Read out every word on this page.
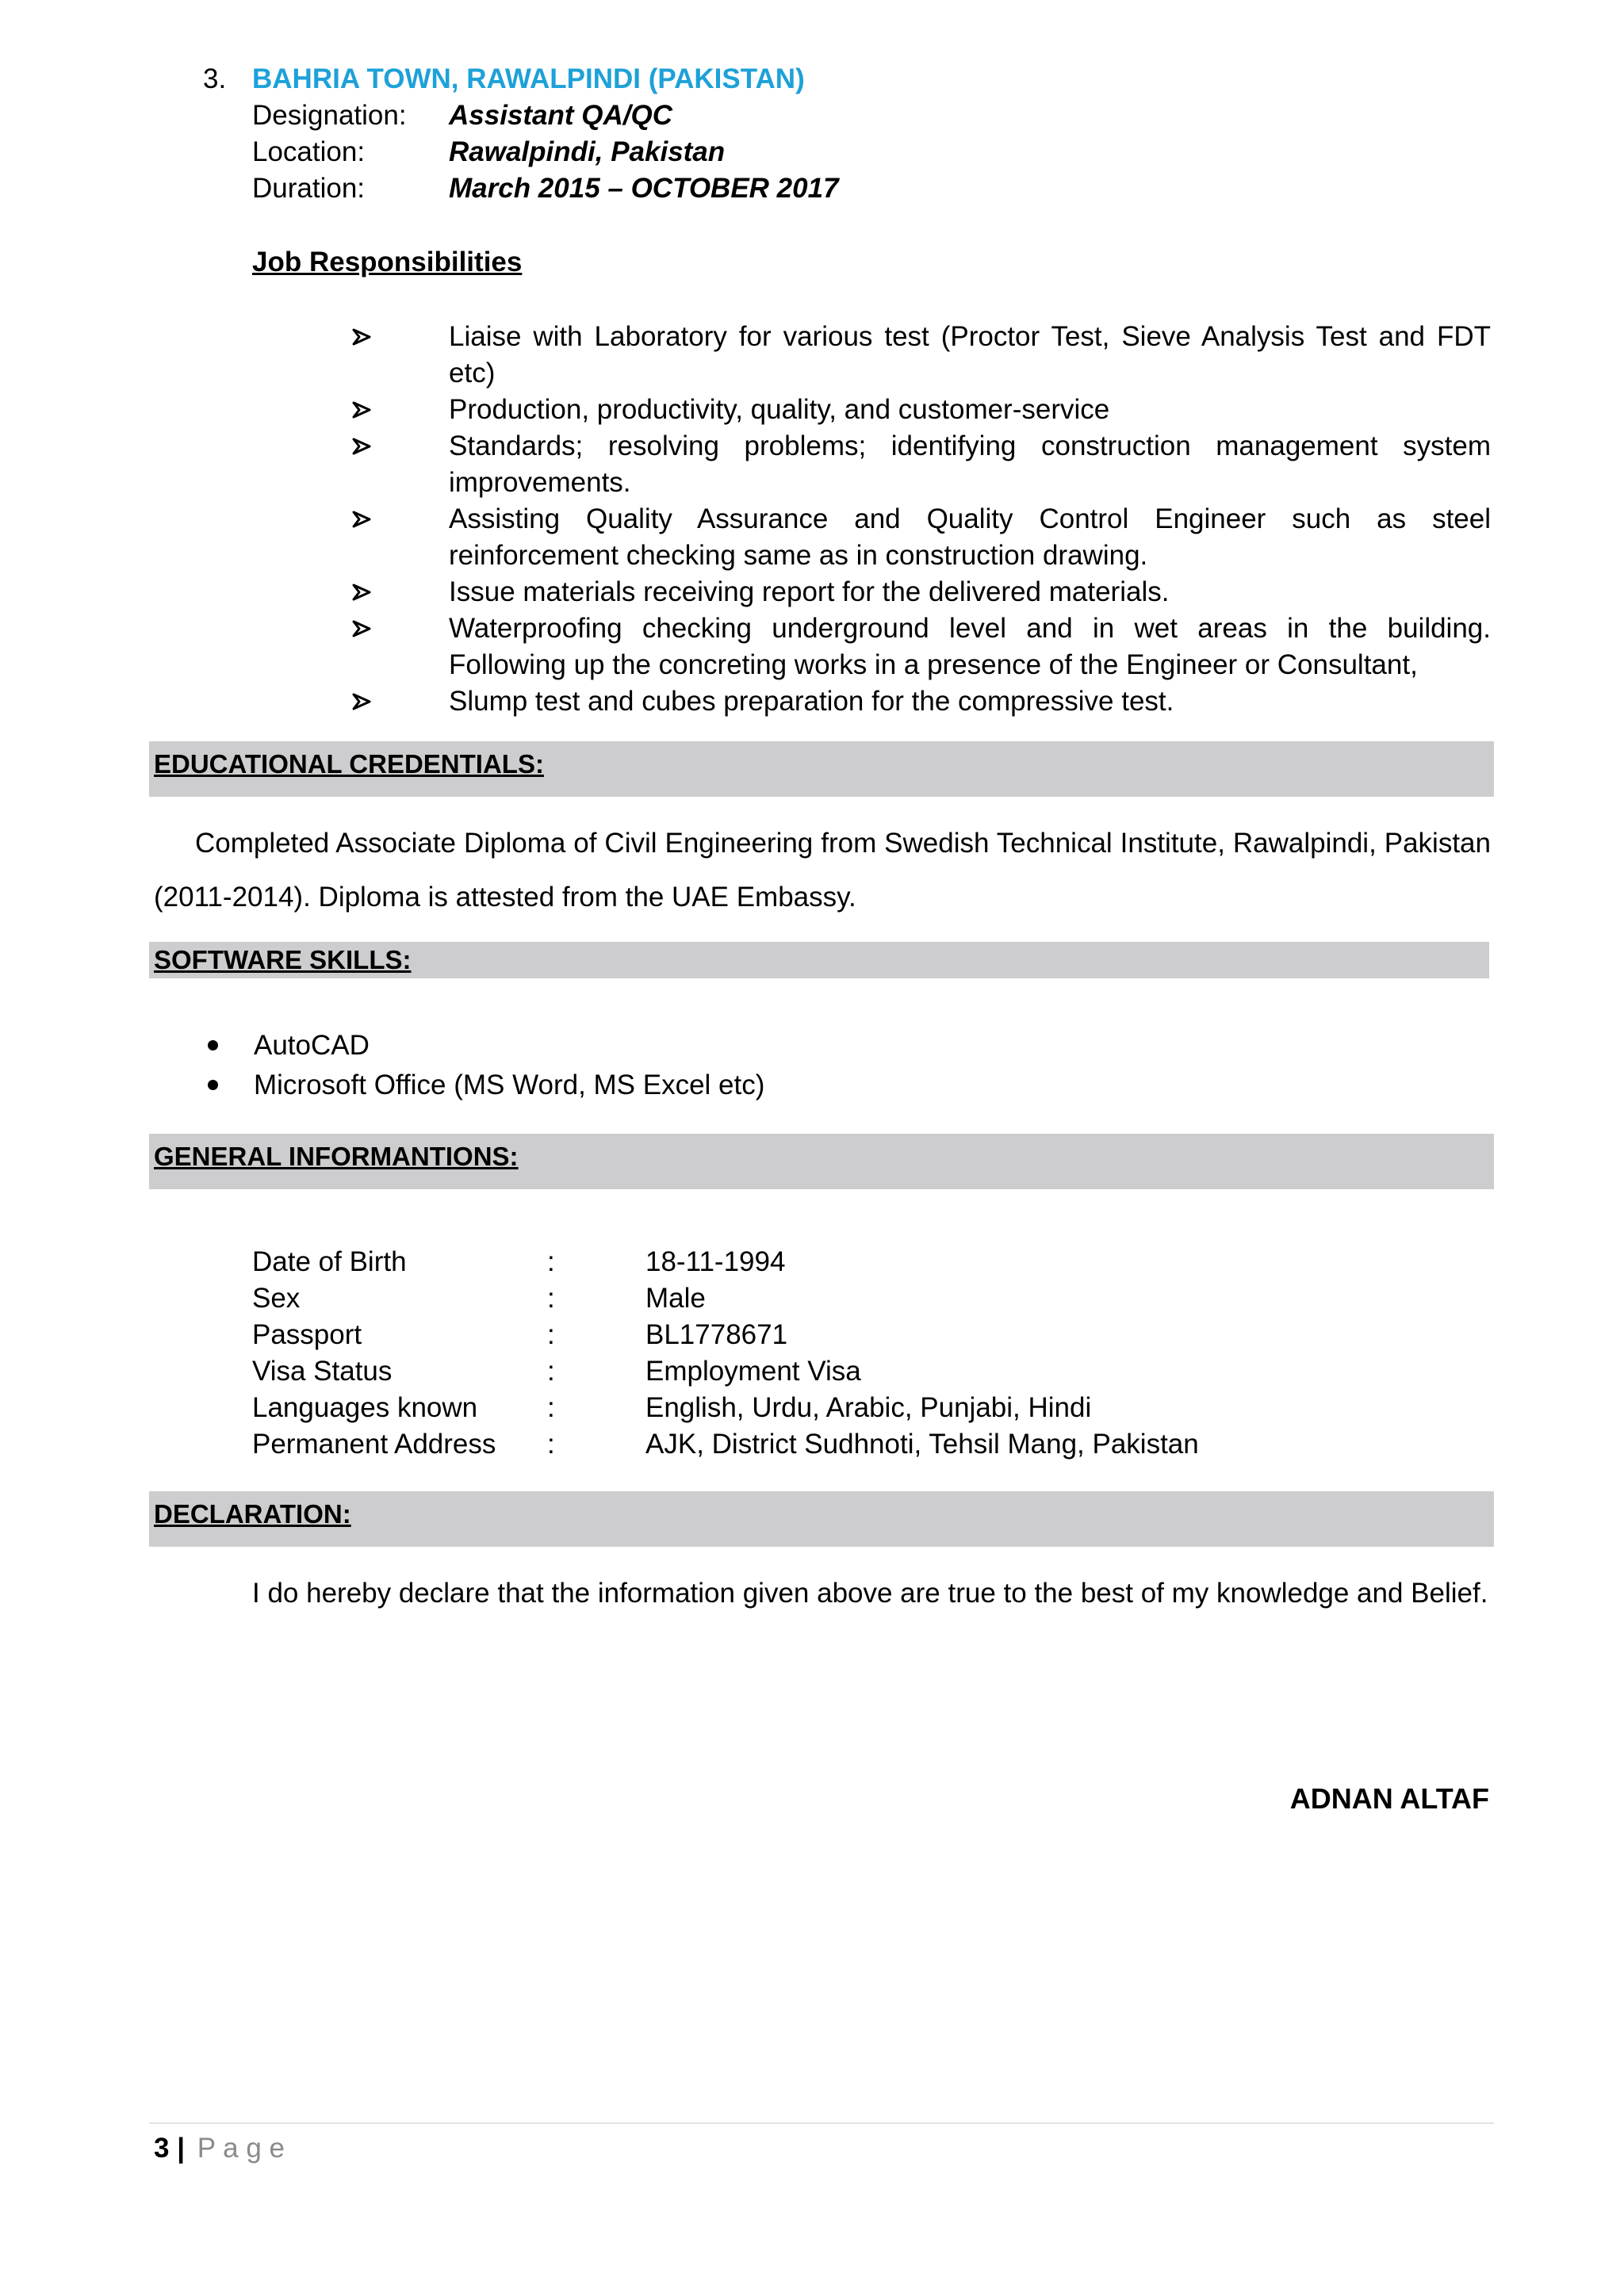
3. BAHRIA TOWN, RAWALPINDI (PAKISTAN)
Designation: Assistant QA/QC
Location:	Rawalpindi, Pakistan
Duration:	March 2015 – OCTOBER 2017
Job Responsibilities
Liaise with Laboratory for various test (Proctor Test, Sieve Analysis Test and FDT etc)
Production, productivity, quality, and customer-service
Standards; resolving problems; identifying construction management system improvements.
Assisting Quality Assurance and Quality Control Engineer such as steel reinforcement checking same as in construction drawing.
Issue materials receiving report for the delivered materials.
Waterproofing checking underground level and in wet areas in the building. Following up the concreting works in a presence of the Engineer or Consultant,
Slump test and cubes preparation for the compressive test.
EDUCATIONAL CREDENTIALS:
Completed Associate Diploma of Civil Engineering from Swedish Technical Institute, Rawalpindi, Pakistan (2011-2014). Diploma is attested from the UAE Embassy.
SOFTWARE SKILLS:
AutoCAD
Microsoft Office (MS Word, MS Excel etc)
GENERAL INFORMANTIONS:
Date of Birth	:	18-11-1994
Sex	:	Male
Passport	:	BL1778671
Visa Status	:	Employment Visa
Languages known	:	English, Urdu, Arabic, Punjabi, Hindi
Permanent Address :	AJK, District Sudhnoti, Tehsil Mang, Pakistan
DECLARATION:
I do hereby declare that the information given above are true to the best of my knowledge and Belief.
ADNAN ALTAF
3 | P a g e
